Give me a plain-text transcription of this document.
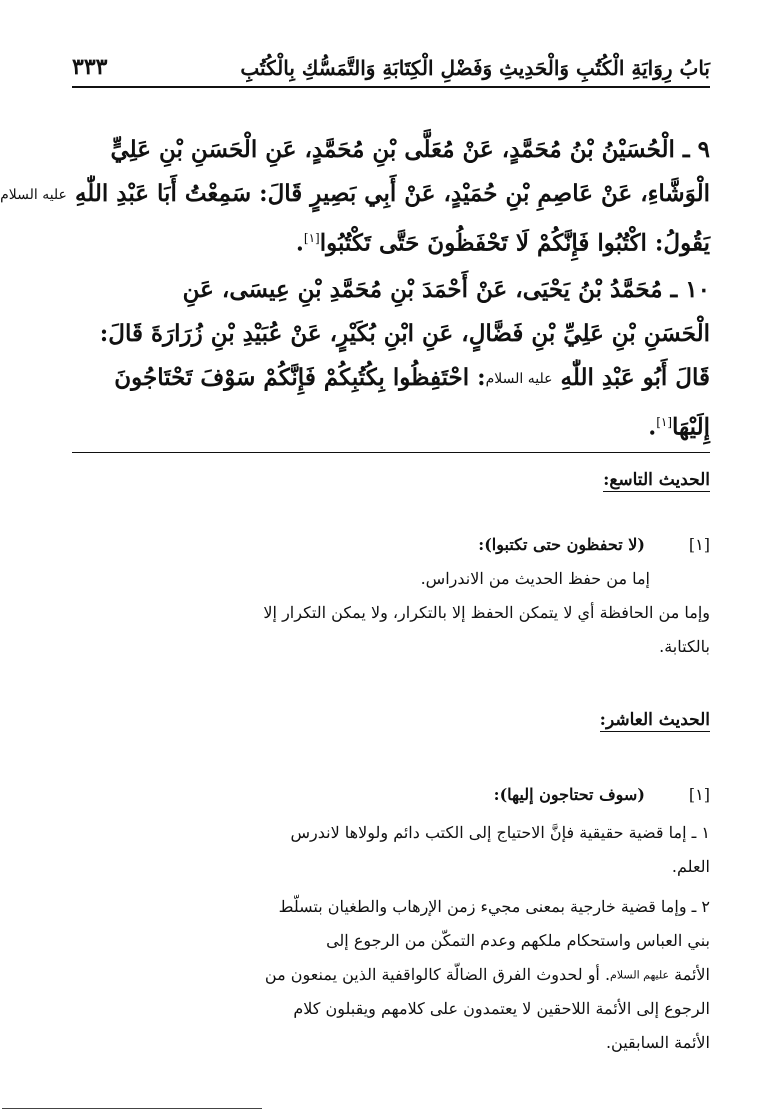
بَابُ رِوَايَةِ الْكُتُبِ وَالْحَدِيثِ وَفَضْلِ الْكِتَابَةِ وَالتَّمَسُّكِ بِالْكُتُبِ
٣٣٣
٩ ـ الْحُسَيْنُ بْنُ مُحَمَّدٍ، عَنْ مُعَلَّى بْنِ مُحَمَّدٍ، عَنِ الْحَسَنِ بْنِ عَلِيٍّ
الْوَشَّاءِ، عَنْ عَاصِمِ بْنِ حُمَيْدٍ، عَنْ أَبِي بَصِيرٍ قَالَ: سَمِعْتُ أَبَا عَبْدِ اللّٰهِ عليه السلام
يَقُولُ: اكْتُبُوا فَإِنَّكُمْ لَا تَحْفَظُونَ حَتَّى تَكْتُبُوا[١].
١٠ ـ مُحَمَّدُ بْنُ يَحْيَى، عَنْ أَحْمَدَ بْنِ مُحَمَّدِ بْنِ عِيسَى، عَنِ
الْحَسَنِ بْنِ عَلِيِّ بْنِ فَضَّالٍ، عَنِ ابْنِ بُكَيْرٍ، عَنْ عُبَيْدِ بْنِ زُرَارَةَ قَالَ:
قَالَ أَبُو عَبْدِ اللّٰهِ عليه السلام: احْتَفِظُوا بِكُتُبِكُمْ فَإِنَّكُمْ سَوْفَ تَحْتَاجُونَ
إِلَيْهَا[١].
الحديث التاسع:
[١] (لا تحفظون حتى تكتبوا):
إما من حفظ الحديث من الاندراس.
وإما من الحافظة أي لا يتمكن الحفظ إلا بالتكرار، ولا يمكن التكرار إلا
بالكتابة.
الحديث العاشر:
[١] (سوف تحتاجون إليها):
١ ـ إما قضية حقيقية فإنَّ الاحتياج إلى الكتب دائم ولولاها لاندرس
العلم.
٢ ـ وإما قضية خارجية بمعنى مجيء زمن الإرهاب والطغيان بتسلّط
بني العباس واستحكام ملكهم وعدم التمكّن من الرجوع إلى
الأئمة عليهم السلام. أو لحدوث الفرق الضالّة كالواقفية الذين يمنعون من
الرجوع إلى الأئمة اللاحقين لا يعتمدون على كلامهم ويقبلون كلام
الأئمة السابقين.
